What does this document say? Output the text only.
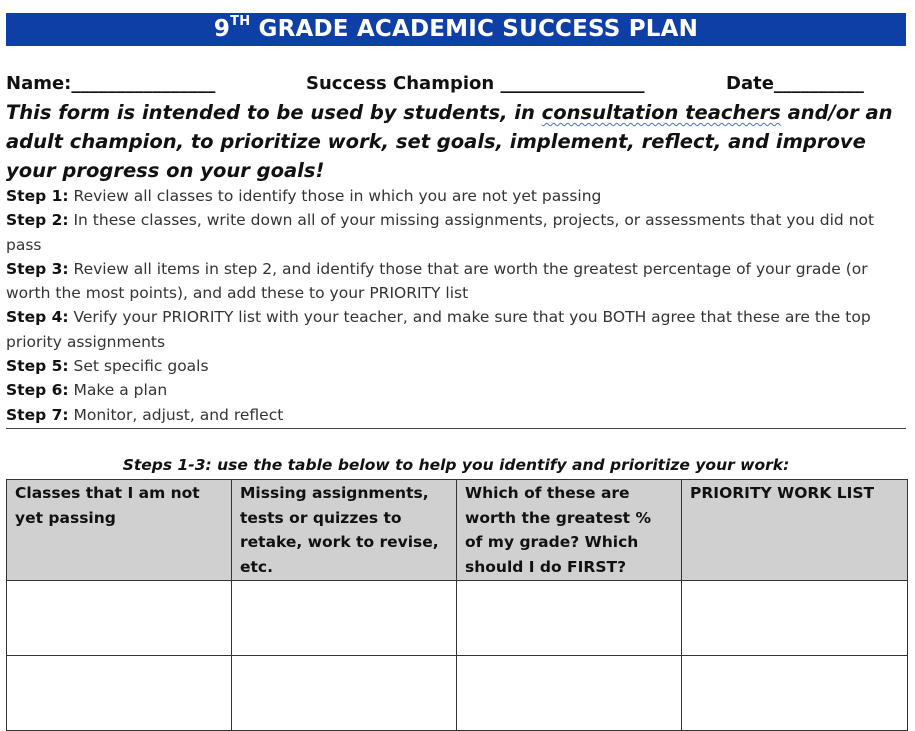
9TH GRADE ACADEMIC SUCCESS PLAN
Name:________________	Success Champion ________________	Date__________
This form is intended to be used by students, in consultation teachers and/or an adult champion, to prioritize work, set goals, implement, reflect, and improve your progress on your goals!

Step 1: Review all classes to identify those in which you are not yet passing

Step 2: In these classes, write down all of your missing assignments, projects, or assessments that you did not pass

Step 3: Review all items in step 2, and identify those that are worth the greatest percentage of your grade (or worth the most points), and add these to your PRIORITY list

Step 4: Verify your PRIORITY list with your teacher, and make sure that you BOTH agree that these are the top priority assignments

Step 5: Set specific goals

Step 6: Make a plan

Step 7: Monitor, adjust, and reflect

Steps 1-3: use the table below to help you identify and prioritize your work:
Classes that I am not yet passing	Missing assignments, tests or quizzes to retake, work to revise, etc.	Which of these are worth the greatest % of my grade? Which should I do FIRST?	PRIORITY WORK LIST
